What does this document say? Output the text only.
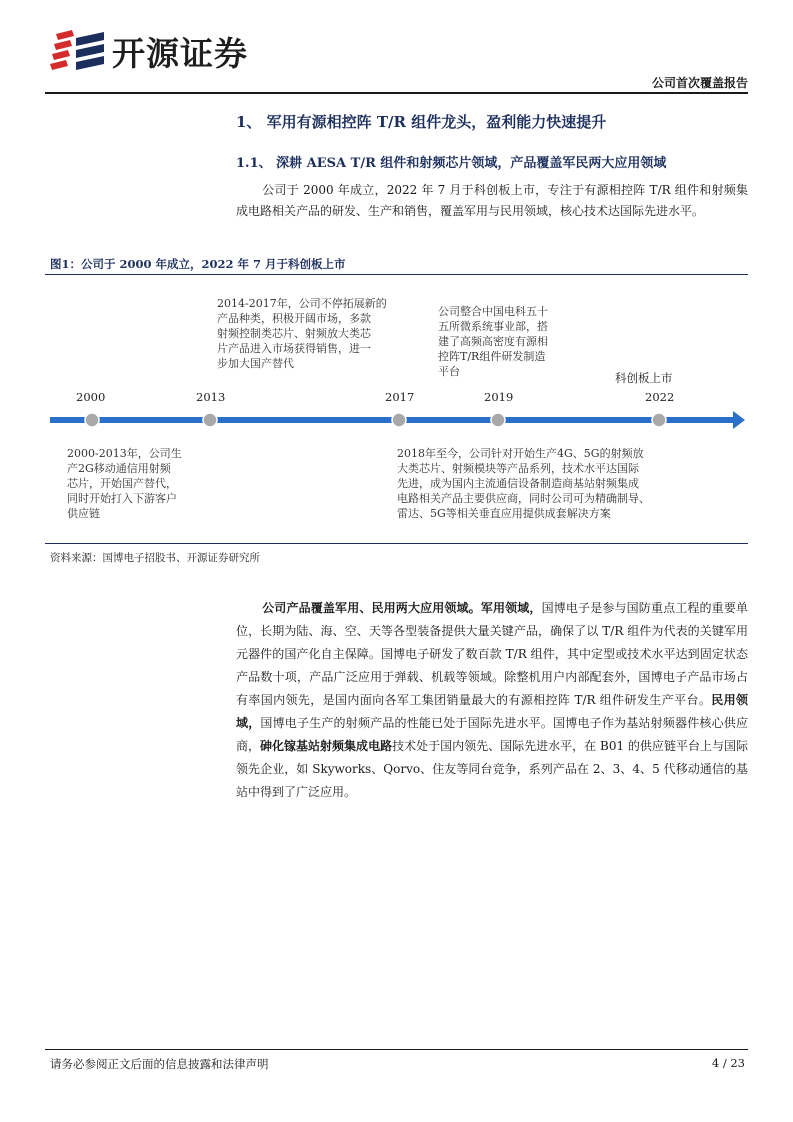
开源证券
公司首次覆盖报告
1、 军用有源相控阵 T/R 组件龙头，盈利能力快速提升
1.1、 深耕 AESA T/R 组件和射频芯片领域，产品覆盖军民两大应用领域
公司于 2000 年成立，2022 年 7 月于科创板上市，专注于有源相控阵 T/R 组件和射频集成电路相关产品的研发、生产和销售，覆盖军用与民用领域，核心技术达国际先进水平。
图1：公司于 2000 年成立，2022 年 7 月于科创板上市
2000	2013	2017	2019	2022
2014-2017年，公司不停拓展新的
产品种类，积极开阔市场，多款
射频控制类芯片、射频放大类芯
片产品进入市场获得销售，进一
步加大国产替代
公司整合中国电科五十
五所微系统事业部，搭
建了高频高密度有源相
控阵T/R组件研发制造
平台	科创板上市
2000-2013年，公司生
产2G移动通信用射频
芯片，开始国产替代，
同时开始打入下游客户
供应链
2018年至今，公司针对开始生产4G、5G的射频放
大类芯片、射频模块等产品系列，技术水平达国际
先进，成为国内主流通信设备制造商基站射频集成
电路相关产品主要供应商，同时公司可为精确制导、
雷达、5G等相关垂直应用提供成套解决方案
资料来源：国博电子招股书、开源证券研究所
公司产品覆盖军用、民用两大应用领域。军用领域，国博电子是参与国防重点工程的重要单位，长期为陆、海、空、天等各型装备提供大量关键产品，确保了以 T/R 组件为代表的关键军用元器件的国产化自主保障。国博电子研发了数百款 T/R 组件，其中定型或技术水平达到固定状态产品数十项，产品广泛应用于弹载、机载等领域。除整机用户内部配套外，国博电子产品市场占有率国内领先，是国内面向各军工集团销量最大的有源相控阵 T/R 组件研发生产平台。民用领域，国博电子生产的射频产品的性能已处于国际先进水平。国博电子作为基站射频器件核心供应商，砷化镓基站射频集成电路技术处于国内领先、国际先进水平，在 B01 的供应链平台上与国际领先企业，如 Skyworks、Qorvo、住友等同台竞争，系列产品在 2、3、4、5 代移动通信的基站中得到了广泛应用。
请务必参阅正文后面的信息披露和法律声明	4 / 23
